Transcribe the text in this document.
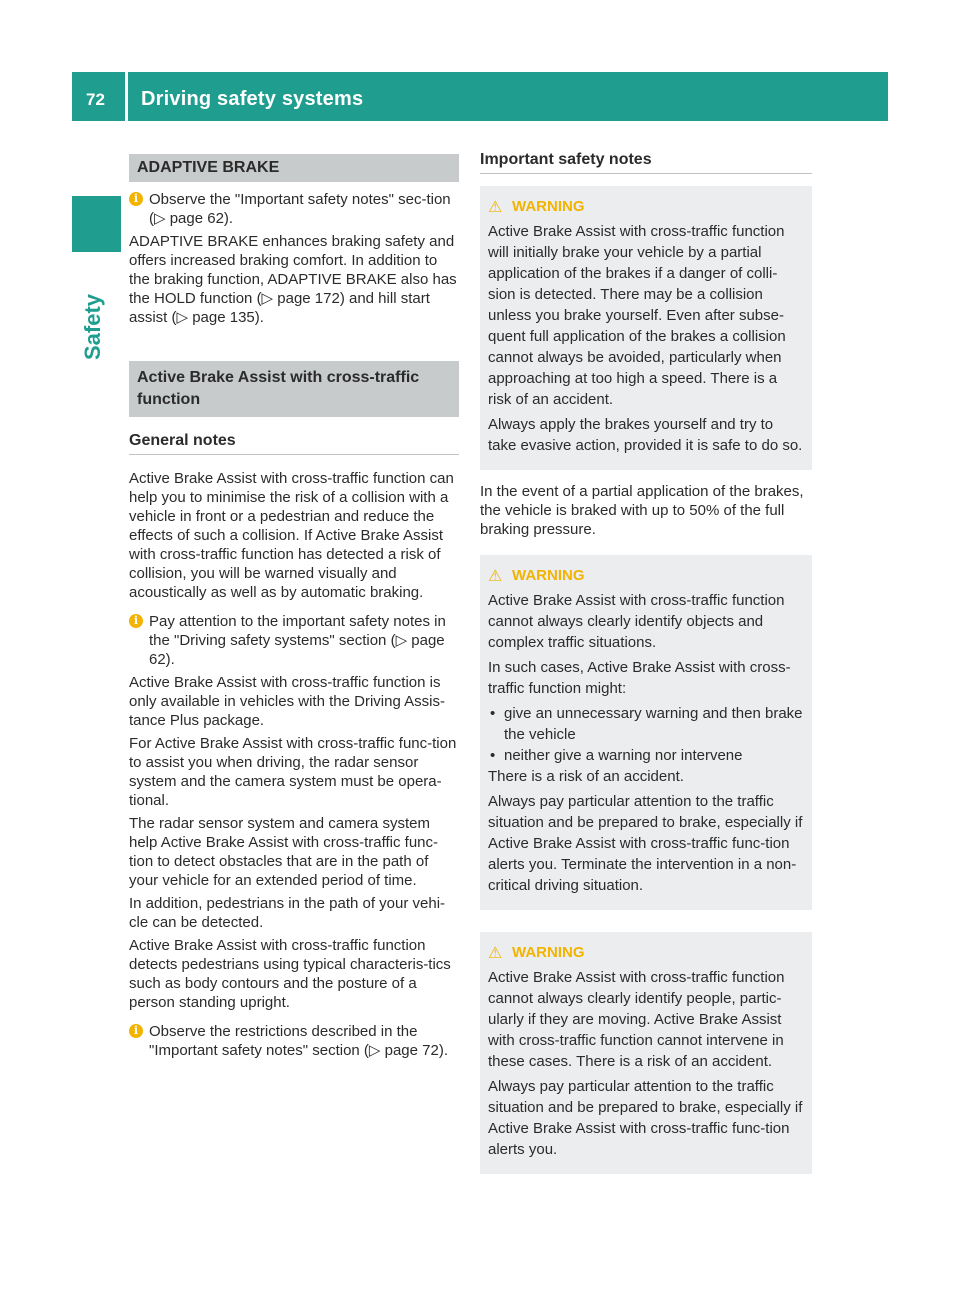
72 Driving safety systems
Safety
ADAPTIVE BRAKE
i Observe the "Important safety notes" sec-tion (▷ page 62).

ADAPTIVE BRAKE enhances braking safety and offers increased braking comfort. In addition to the braking function, ADAPTIVE BRAKE also has the HOLD function (▷ page 172) and hill start assist (▷ page 135).

Active Brake Assist with cross-traffic function
General notes

Active Brake Assist with cross-traffic function can help you to minimise the risk of a collision with a vehicle in front or a pedestrian and reduce the effects of such a collision. If Active Brake Assist with cross-traffic function has detected a risk of collision, you will be warned visually and acoustically as well as by automatic braking.

i Pay attention to the important safety notes in the "Driving safety systems" section (▷ page 62).

Active Brake Assist with cross-traffic function is only available in vehicles with the Driving Assis-tance Plus package.

For Active Brake Assist with cross-traffic func-tion to assist you when driving, the radar sensor system and the camera system must be opera-tional.

The radar sensor system and camera system help Active Brake Assist with cross-traffic func-tion to detect obstacles that are in the path of your vehicle for an extended period of time.

In addition, pedestrians in the path of your vehi-cle can be detected.

Active Brake Assist with cross-traffic function detects pedestrians using typical characteris-tics such as body contours and the posture of a person standing upright.

i Observe the restrictions described in the "Important safety notes" section (▷ page 72).
Important safety notes
⚠ WARNING

Active Brake Assist with cross-traffic function will initially brake your vehicle by a partial application of the brakes if a danger of colli-sion is detected. There may be a collision unless you brake yourself. Even after subse-quent full application of the brakes a collision cannot always be avoided, particularly when approaching at too high a speed. There is a risk of an accident.

Always apply the brakes yourself and try to take evasive action, provided it is safe to do so.

In the event of a partial application of the brakes, the vehicle is braked with up to 50% of the full braking pressure.

⚠ WARNING

Active Brake Assist with cross-traffic function cannot always clearly identify objects and complex traffic situations.

In such cases, Active Brake Assist with cross-traffic function might:

• give an unnecessary warning and then brake the vehicle
• neither give a warning nor intervene

There is a risk of an accident.

Always pay particular attention to the traffic situation and be prepared to brake, especially if Active Brake Assist with cross-traffic func-tion alerts you. Terminate the intervention in a non-critical driving situation.

⚠ WARNING

Active Brake Assist with cross-traffic function cannot always clearly identify people, partic-ularly if they are moving. Active Brake Assist with cross-traffic function cannot intervene in these cases. There is a risk of an accident.

Always pay particular attention to the traffic situation and be prepared to brake, especially if Active Brake Assist with cross-traffic func-tion alerts you.
